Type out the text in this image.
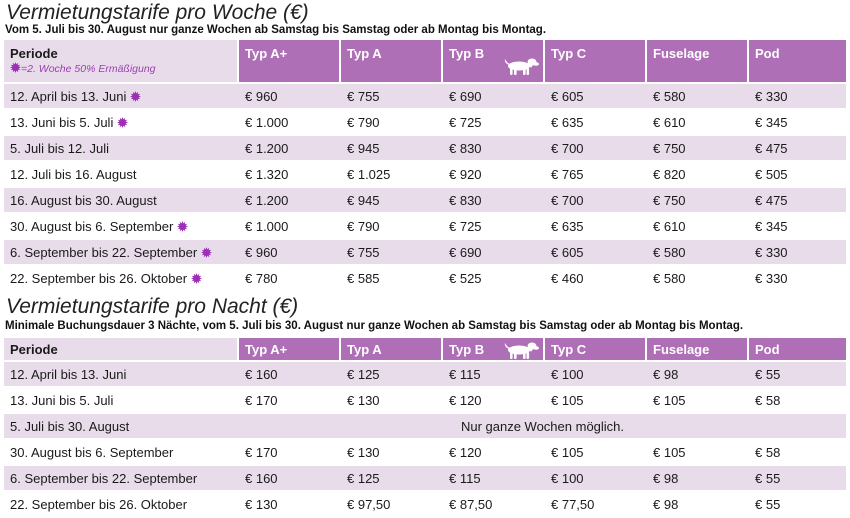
Vermietungstarife pro Woche (€)
Vom 5. Juli bis 30. August nur ganze Wochen ab Samstag bis Samstag oder ab Montag bis Montag.
Periode
=2. Woche 50% Ermäßigung	Typ A+	Typ A	Typ B	Typ C	Fuselage	Pod
12. April bis 13. Juni	€ 960	€ 755	€ 690	€ 605	€ 580	€ 330
13. Juni bis 5. Juli	€ 1.000	€ 790	€ 725	€ 635	€ 610	€ 345
5. Juli bis 12. Juli	€ 1.200	€ 945	€ 830	€ 700	€ 750	€ 475
12. Juli bis 16. August	€ 1.320	€ 1.025	€ 920	€ 765	€ 820	€ 505
16. August bis 30. August	€ 1.200	€ 945	€ 830	€ 700	€ 750	€ 475
30. August bis 6. September	€ 1.000	€ 790	€ 725	€ 635	€ 610	€ 345
6. September bis 22. September	€ 960	€ 755	€ 690	€ 605	€ 580	€ 330
22. September bis 26. Oktober	€ 780	€ 585	€ 525	€ 460	€ 580	€ 330
Vermietungstarife pro Nacht (€)
Minimale Buchungsdauer 3 Nächte, vom 5. Juli bis 30. August nur ganze Wochen ab Samstag bis Samstag oder ab Montag bis Montag.
Periode	Typ A+	Typ A	Typ B	Typ C	Fuselage	Pod
12. April bis 13. Juni	€ 160	€ 125	€ 115	€ 100	€ 98	€ 55
13. Juni bis 5. Juli	€ 170	€ 130	€ 120	€ 105	€ 105	€ 58
5. Juli bis 30. August	Nur ganze Wochen möglich.					
30. August bis 6. September	€ 170	€ 130	€ 120	€ 105	€ 105	€ 58
6. September bis 22. September	€ 160	€ 125	€ 115	€ 100	€ 98	€ 55
22. September bis 26. Oktober	€ 130	€ 97,50	€ 87,50	€ 77,50	€ 98	€ 55
